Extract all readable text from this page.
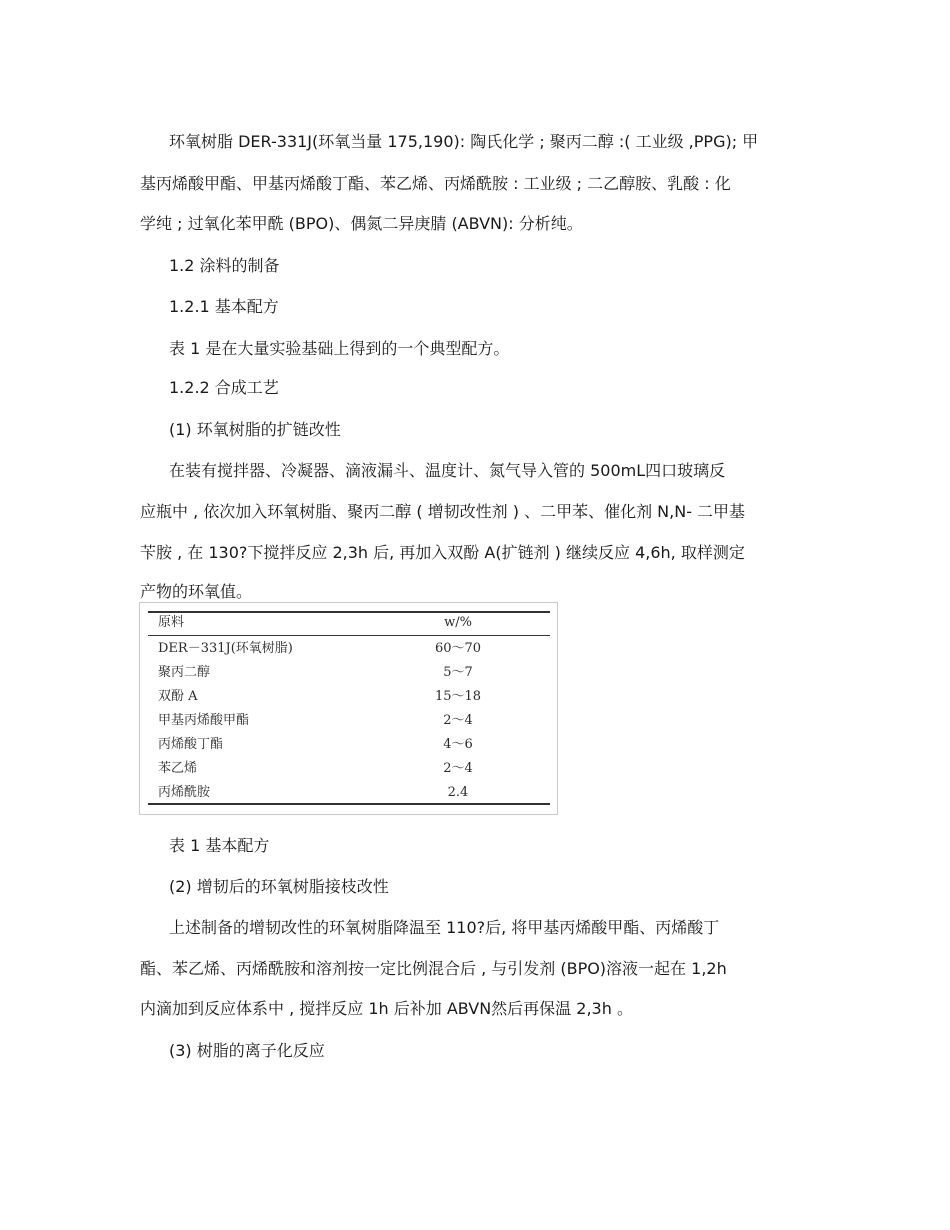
环氧树脂 DER-331J(环氧当量 175,190): 陶氏化学 ; 聚丙二醇 :( 工业级 ,PPG); 甲
基丙烯酸甲酯、甲基丙烯酸丁酯、苯乙烯、丙烯酰胺 : 工业级 ; 二乙醇胺、乳酸 : 化
学纯 ; 过氧化苯甲酰 (BPO)、偶氮二异庚腈 (ABVN): 分析纯。
1.2 涂料的制备
1.2.1 基本配方
表 1 是在大量实验基础上得到的一个典型配方。
1.2.2 合成工艺
(1) 环氧树脂的扩链改性
在装有搅拌器、冷凝器、滴液漏斗、温度计、氮气导入管的 500mL四口玻璃反
应瓶中 , 依次加入环氧树脂、聚丙二醇 ( 增韧改性剂 ) 、二甲苯、催化剂 N,N- 二甲基
苄胺 , 在 130?下搅拌反应 2,3h 后, 再加入双酚 A(扩链剂 ) 继续反应 4,6h, 取样测定
产物的环氧值。
原料	w/%
DER－331J(环氧树脂)	60～70
聚丙二醇	5～7
双酚 A	15～18
甲基丙烯酸甲酯	2～4
丙烯酸丁酯	4～6
苯乙烯	2～4
丙烯酰胺	2.4
表 1 基本配方
(2) 增韧后的环氧树脂接枝改性
上述制备的增韧改性的环氧树脂降温至 110?后, 将甲基丙烯酸甲酯、丙烯酸丁
酯、苯乙烯、丙烯酰胺和溶剂按一定比例混合后 , 与引发剂 (BPO)溶液一起在 1,2h
内滴加到反应体系中 , 搅拌反应 1h 后补加 ABVN然后再保温 2,3h 。
(3) 树脂的离子化反应
